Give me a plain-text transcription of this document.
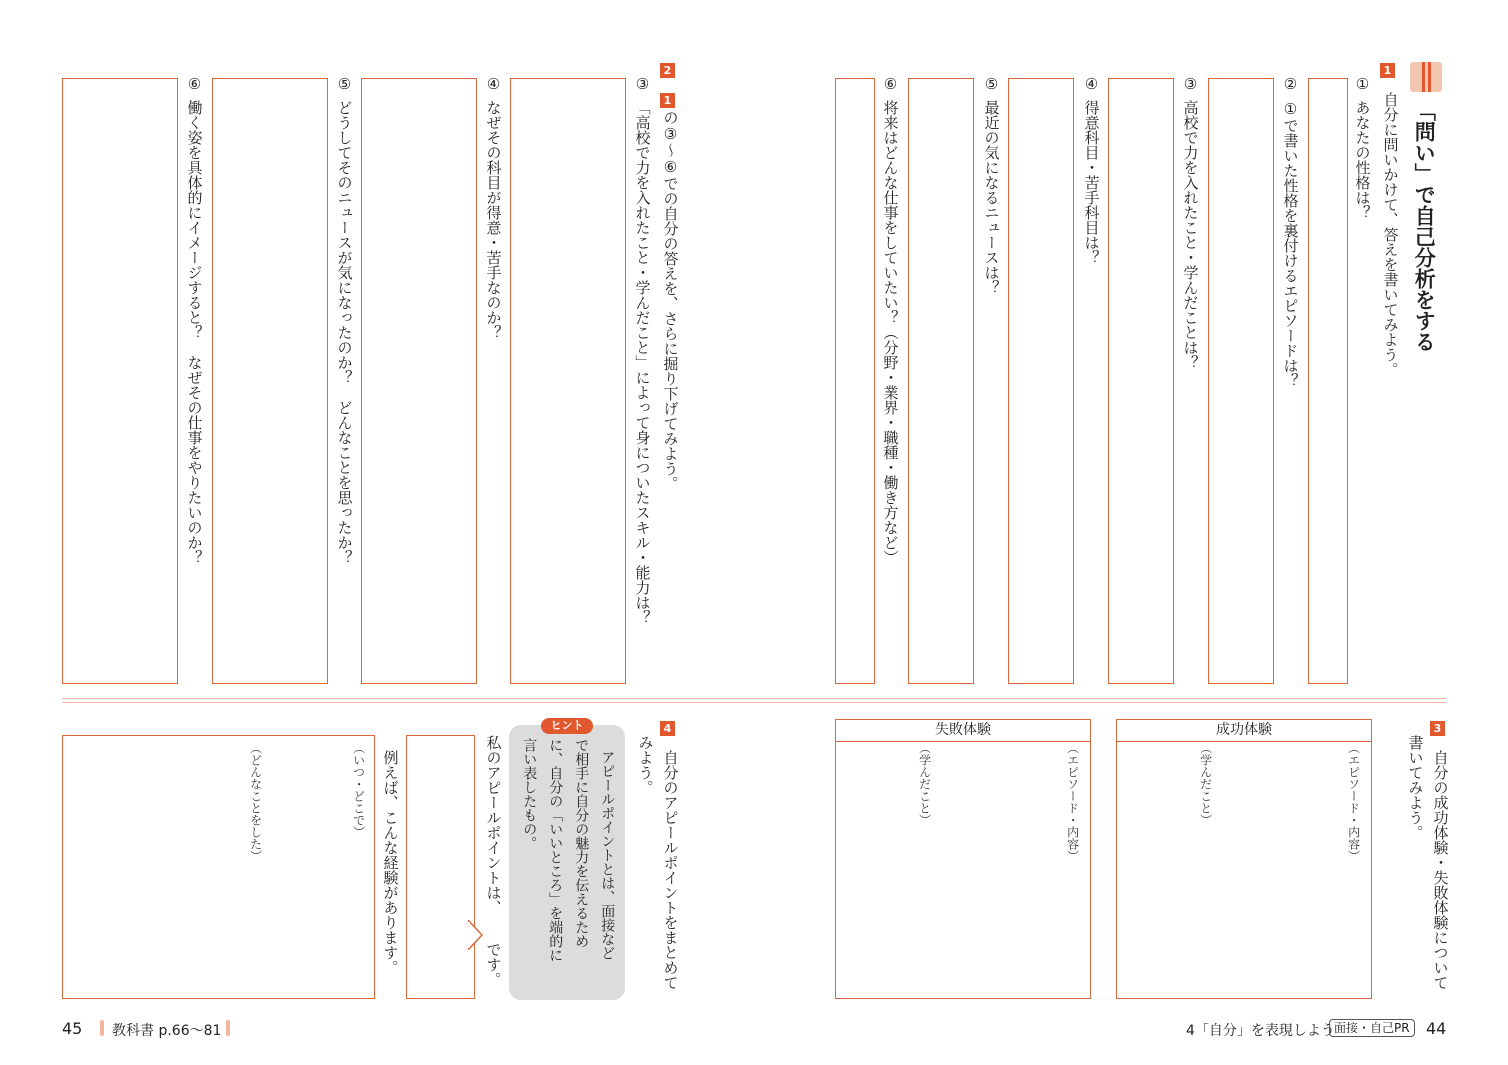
「問い」で自己分析をする
1
自分に問いかけて、答えを書いてみよう。
①
あなたの性格は？
②
①で書いた性格を裏付けるエピソードは？
③
高校で力を入れたこと・学んだことは？
④
得意科目・苦手科目は？
⑤
最近の気になるニュースは？
⑥
将来はどんな仕事をしていたい？（分野・業界・職種・働き方など）
2
1
の③～⑥での自分の答えを、さらに掘り下げてみよう。
③
「高校で力を入れたこと・学んだこと」によって身についたスキル・能力は？
④
なぜその科目が得意・苦手なのか？
⑤
どうしてそのニュースが気になったのか？　どんなことを思ったか？
⑥
働く姿を具体的にイメージすると？　なぜその仕事をやりたいのか？
3
自分の成功体験・失敗体験について
書いてみよう。
成功体験
（エピソード・内容）
（学んだこと）
失敗体験
（エピソード・内容）
（学んだこと）
4
自分のアピールポイントをまとめて
みよう。
ヒント
アピールポイントとは、面接など
で相手に自分の魅力を伝えるため
に、自分の「いいところ」を端的に
言い表したもの。
私のアピールポイントは、
です。
例えば、こんな経験があります。
（いつ・どこで）
（どんなことをした）
45 教科書 p.66～81	4「自分」を表現しよう 面接・自己PR	44
